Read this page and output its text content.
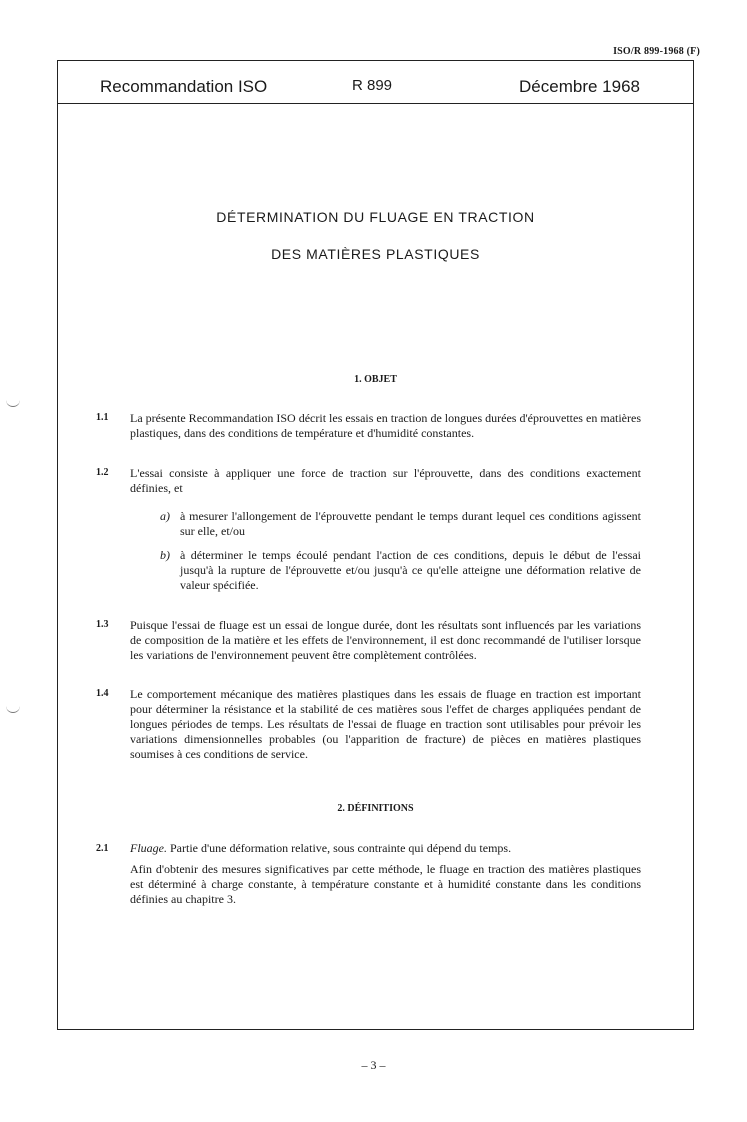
ISO/R 899-1968 (F)
Recommandation ISO	R 899	Décembre 1968
DÉTERMINATION DU FLUAGE EN TRACTION
DES MATIÈRES PLASTIQUES
1. OBJET
1.1 La présente Recommandation ISO décrit les essais en traction de longues durées d'éprouvettes en matières plastiques, dans des conditions de température et d'humidité constantes.
1.2 L'essai consiste à appliquer une force de traction sur l'éprouvette, dans des conditions exactement définies, et
a) à mesurer l'allongement de l'éprouvette pendant le temps durant lequel ces conditions agissent sur elle, et/ou
b) à déterminer le temps écoulé pendant l'action de ces conditions, depuis le début de l'essai jusqu'à la rupture de l'éprouvette et/ou jusqu'à ce qu'elle atteigne une déformation relative de valeur spécifiée.
1.3 Puisque l'essai de fluage est un essai de longue durée, dont les résultats sont influencés par les variations de composition de la matière et les effets de l'environnement, il est donc recommandé de l'utiliser lorsque les variations de l'environnement peuvent être complètement contrôlées.
1.4 Le comportement mécanique des matières plastiques dans les essais de fluage en traction est important pour déterminer la résistance et la stabilité de ces matières sous l'effet de charges appliquées pendant de longues périodes de temps. Les résultats de l'essai de fluage en traction sont utilisables pour prévoir les variations dimensionnelles probables (ou l'apparition de fracture) de pièces en matières plastiques soumises à ces conditions de service.
2. DÉFINITIONS
2.1 Fluage. Partie d'une déformation relative, sous contrainte qui dépend du temps.
Afin d'obtenir des mesures significatives par cette méthode, le fluage en traction des matières plastiques est déterminé à charge constante, à température constante et à humidité constante dans les conditions définies au chapitre 3.
– 3 –
